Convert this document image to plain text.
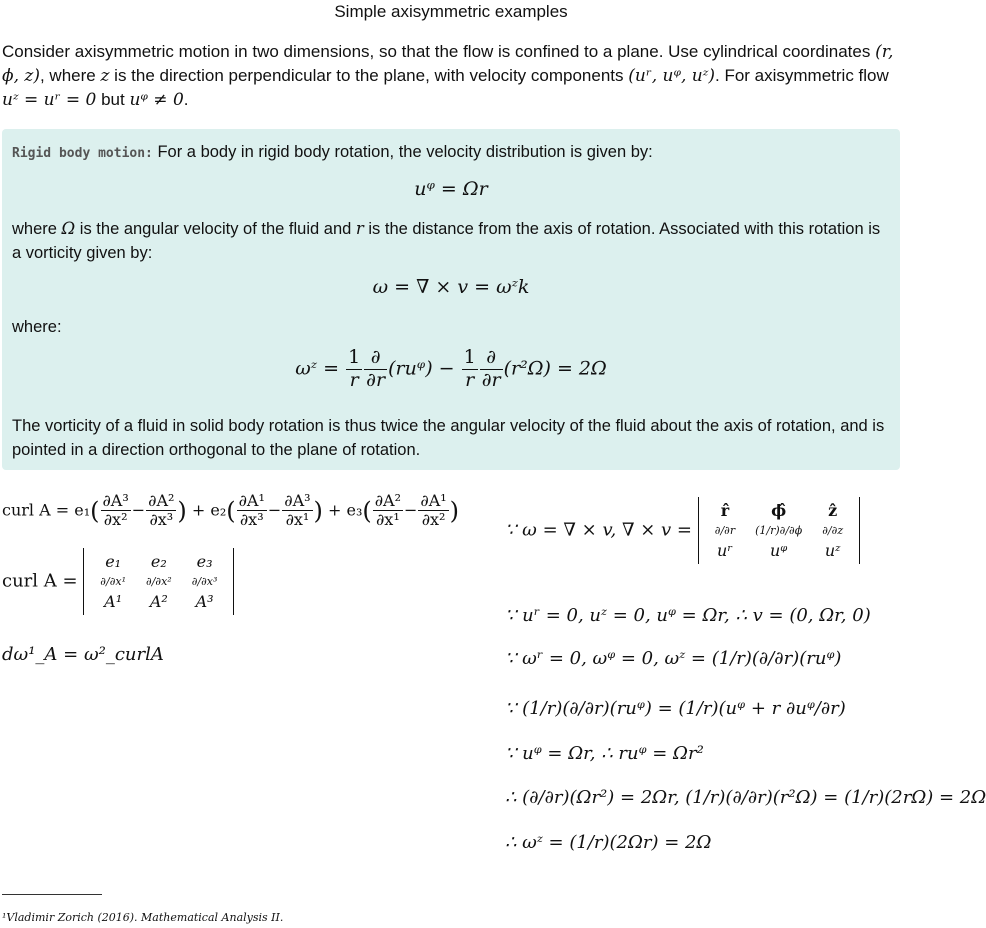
Simple axisymmetric examples
Consider axisymmetric motion in two dimensions, so that the flow is confined to a plane. Use cylindrical coordinates (r, ϕ, z), where z is the direction perpendicular to the plane, with velocity components (uʳ, uᵠ, uᶻ). For axisymmetric flow uᶻ = uʳ = 0 but uᵠ ≠ 0.
Rigid body motion: For a body in rigid body rotation, the velocity distribution is given by:
uᵠ = Ωr
where Ω is the angular velocity of the fluid and r is the distance from the axis of rotation. Associated with this rotation is a vorticity given by:
ω = ∇ × v = ωᶻk
where:
ωᶻ = $\frac{1}{r} \frac{\partial}{\partial r}$ (ruᵠ) − $\frac{1}{r} \frac{\partial}{\partial r} (r^2\Omega) = 2\Omega$
The vorticity of a fluid in solid body rotation is thus twice the angular velocity of the fluid about the axis of rotation, and is pointed in a direction orthogonal to the plane of rotation.
curl $A = e_1( \frac{\text{∂A³}}{\text{∂x²}} - \frac{\text{∂A²}}{\text{∂x³}}$ ) + $e_2( \frac{\text{∂A¹}}{\text{∂x³}} - \frac{\text{∂A³}}{\text{∂x¹}}$ ) + $e_3( \frac{\text{∂A²}}{\text{∂x¹}} - \frac{\text{∂A¹}}{\text{∂x²}}$ )
curl A =
e₁	e₂	e₃
∂/∂x¹	∂/∂x²	∂/∂x³
A¹	A²	A³
dω¹_A = ω²_curlA
∵ ω = ∇ × v, ∇ × v =
r̂	ϕ̂	ẑ
∂/∂r	(1/r)∂/∂ϕ	∂/∂z
uʳ	uᵠ	uᶻ
∵ uʳ = 0, uᶻ = 0, uᵠ = Ωr, ∴ v = (0, Ωr, 0)
∵ ωʳ = 0, ωᵠ = 0, ωᶻ = (1/r)(∂/∂r)(ruᵠ)
∵ (1/r)(∂/∂r)(ruᵠ) = (1/r)(uᵠ + r ∂uᵠ/∂r)
∵ uᵠ = Ωr, ∴ ruᵠ = Ωr²
∴ (∂/∂r)(Ωr²) = 2Ωr, (1/r)(∂/∂r)(r²Ω) = (1/r)(2rΩ) = 2Ω
∴ ωᶻ = (1/r)(2Ωr) = 2Ω
¹Vladimir Zorich (2016). Mathematical Analysis II.
